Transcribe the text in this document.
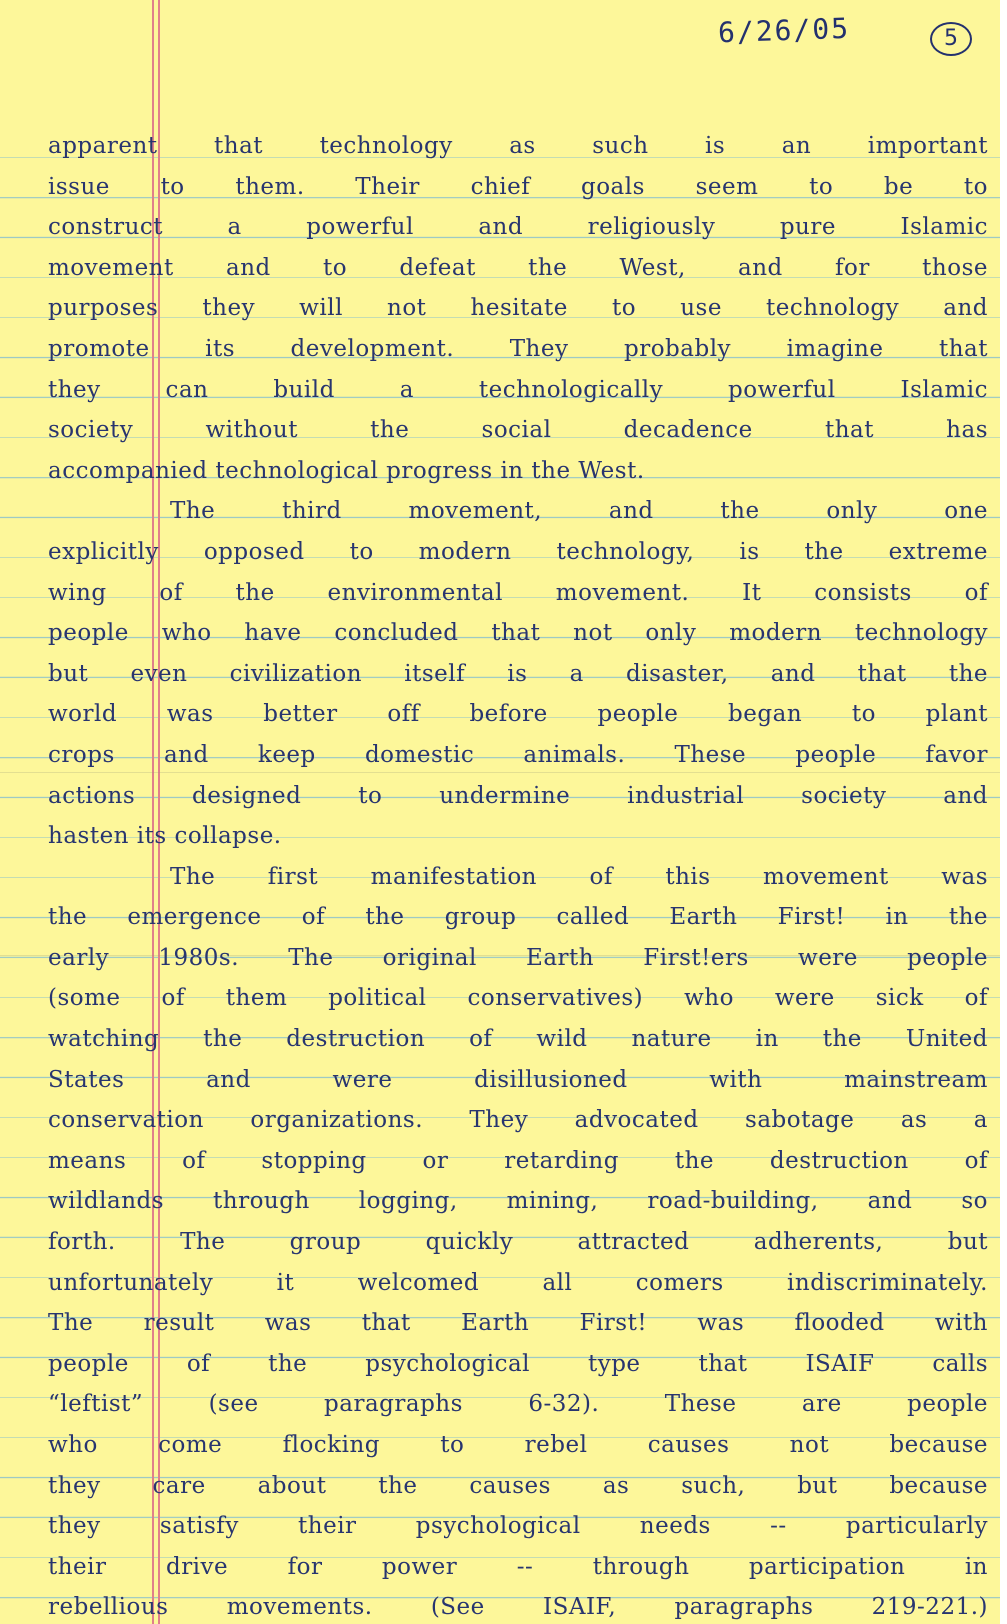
6/26/05	5
apparent that technology as such is an important
issue to them. Their chief goals seem to be to
construct a powerful and religiously pure Islamic
movement and to defeat the West, and for those
purposes they will not hesitate to use technology and
promote its development. They probably imagine that
they can build a technologically powerful Islamic
society without the social decadence that has
accompanied technological progress in the West.
The third movement, and the only one
explicitly opposed to modern technology, is the extreme
wing of the environmental movement. It consists of
people who have concluded that not only modern technology
but even civilization itself is a disaster, and that the
world was better off before people began to plant
crops and keep domestic animals. These people favor
actions designed to undermine industrial society and
hasten its collapse.
The first manifestation of this movement was
the emergence of the group called Earth First! in the
early 1980s. The original Earth First!ers were people
(some of them political conservatives) who were sick of
watching the destruction of wild nature in the United
States and were disillusioned with mainstream
conservation organizations. They advocated sabotage as a
means of stopping or retarding the destruction of
wildlands through logging, mining, road-building, and so
forth. The group quickly attracted adherents, but
unfortunately it welcomed all comers indiscriminately.
The result was that Earth First! was flooded with
people of the psychological type that ISAIF calls
“leftist” (see paragraphs 6-32). These are people
who come flocking to rebel causes not because
they care about the causes as such, but because
they satisfy their psychological needs -- particularly
their drive for power -- through participation in
rebellious movements. (See ISAIF, paragraphs 219-221.)
